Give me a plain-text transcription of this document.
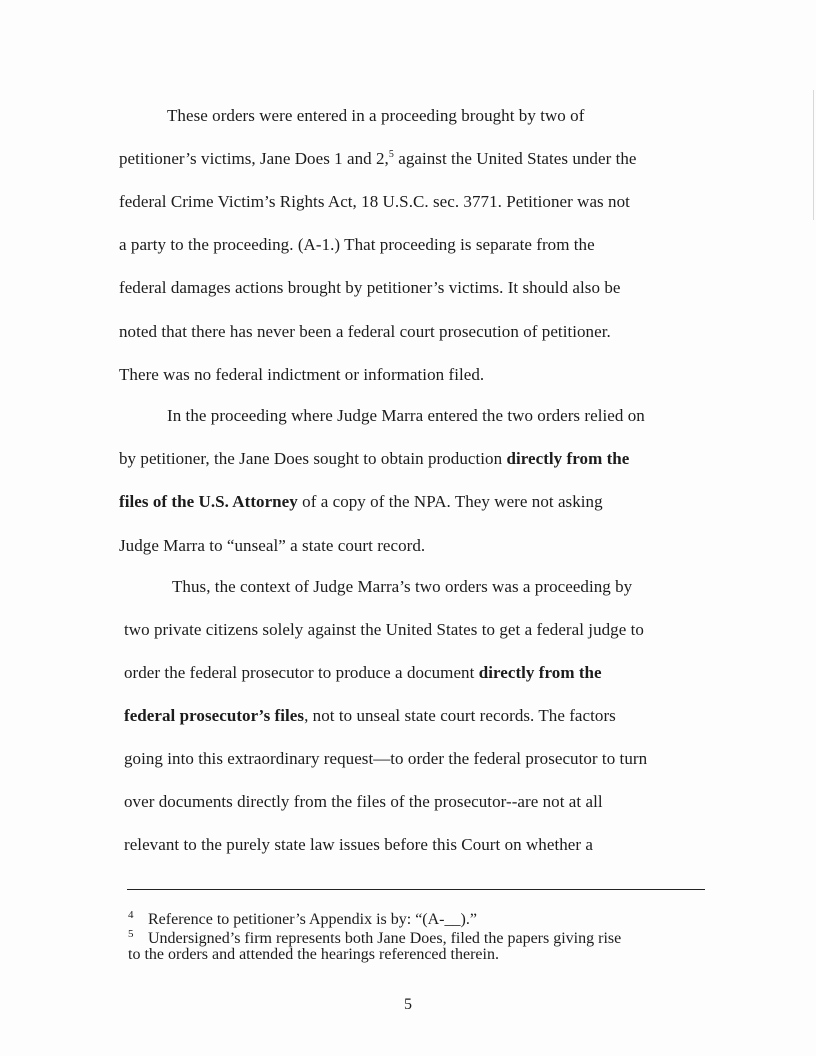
These orders were entered in a proceeding brought by two of
petitioner’s victims, Jane Does 1 and 2,$^5$ against the United States under the
federal Crime Victim’s Rights Act, 18 U.S.C. sec. 3771. Petitioner was not
a party to the proceeding. (A-1.) That proceeding is separate from the
federal damages actions brought by petitioner’s victims. It should also be
noted that there has never been a federal court prosecution of petitioner.
There was no federal indictment or information filed.
In the proceeding where Judge Marra entered the two orders relied on
by petitioner, the Jane Does sought to obtain production directly from the
files of the U.S. Attorney of a copy of the NPA. They were not asking
Judge Marra to “unseal” a state court record.
Thus, the context of Judge Marra’s two orders was a proceeding by
two private citizens solely against the United States to get a federal judge to
order the federal prosecutor to produce a document directly from the
federal prosecutor’s files, not to unseal state court records. The factors
going into this extraordinary request—to order the federal prosecutor to turn
over documents directly from the files of the prosecutor--are not at all
relevant to the purely state law issues before this Court on whether a
4 Reference to petitioner’s Appendix is by: “(A-__).”
5 Undersigned’s firm represents both Jane Does, filed the papers giving rise
to the orders and attended the hearings referenced therein.
5
